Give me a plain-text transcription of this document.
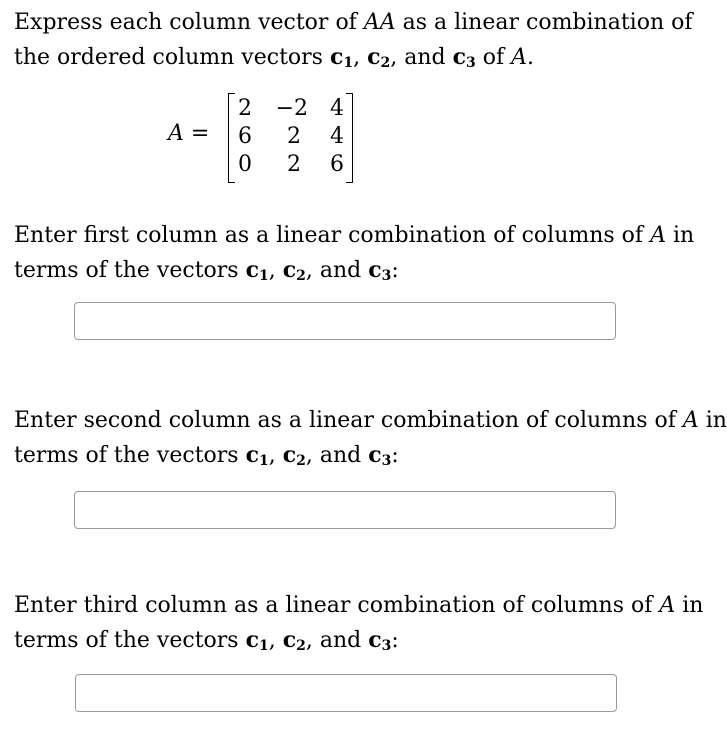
Express each column vector of AA as a linear combination of
the ordered column vectors $c_1$, $c_2$, and $c_3$ of A.
A =
2 −2 4
6	2 4
0	2 6
Enter first column as a linear combination of columns of A in
terms of the vectors $c_1$, $c_2$, and $c_3$:
Enter second column as a linear combination of columns of A in
terms of the vectors $c_1$, $c_2$, and $c_3$:
Enter third column as a linear combination of columns of A in
terms of the vectors $c_1$, $c_2$, and $c_3$:
